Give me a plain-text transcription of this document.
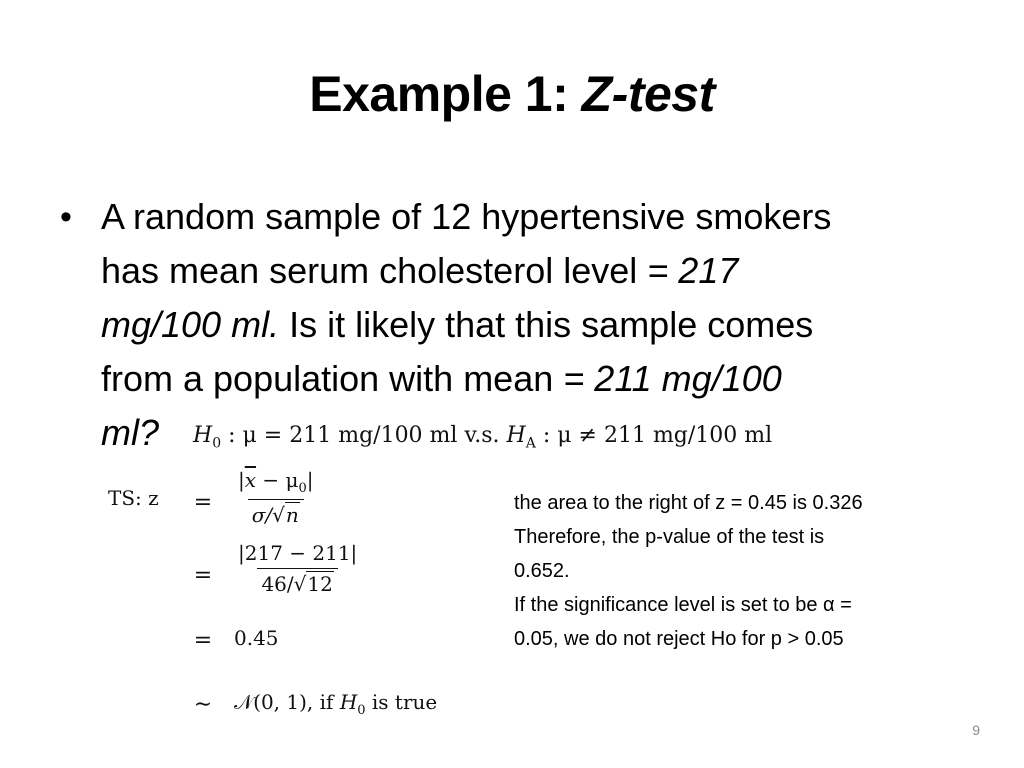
Example 1: Z-test
• A random sample of 12 hypertensive smokers
has mean serum cholesterol level = 217
mg/100 ml. Is it likely that this sample comes
from a population with mean = 211 mg/100
ml?	$H_0$ : μ = 211 mg/100 ml v.s. $H_A$ : μ ≠ 211 mg/100 ml
TS: $z = \frac{|\overline{x} - \mu_0|}{\sigma/√n}$
= $\frac{|217 - 211|}{46/√12}$
= 0.45
∼ 𝒩(0, 1), if $H_0$ is true
the area to the right of z = 0.45 is 0.326
Therefore, the p-value of the test is
0.652.
If the significance level is set to be α =
0.05, we do not reject Ho for p > 0.05
9
